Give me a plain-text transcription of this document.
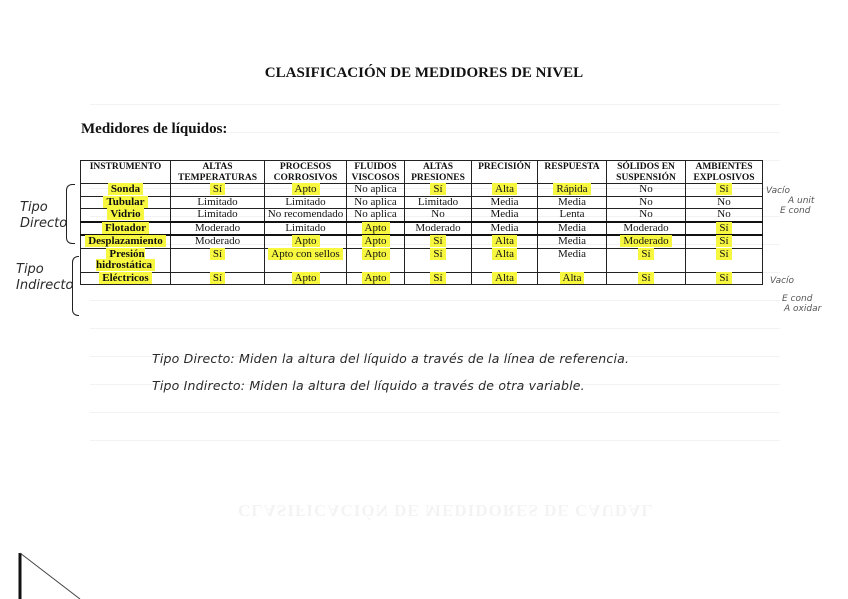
CLASIFICACIÓN DE MEDIDORES DE NIVEL
Medidores de líquidos:
INSTRUMENTO	ALTAS TEMPERATURAS	PROCESOS CORROSIVOS	FLUIDOS VISCOSOS	ALTAS PRESIONES	PRECISIÓN	RESPUESTA	SÓLIDOS EN SUSPENSIÓN	AMBIENTES EXPLOSIVOS
Sonda	Sí	Apto	No aplica	Sí	Alta	Rápida	No	Sí
Tubular	Limitado	Limitado	No aplica	Limitado	Media	Media	No	No
Vidrio	Limitado	No recomendado	No aplica	No	Media	Lenta	No	No
Flotador	Moderado	Limitado	Apto	Moderado	Media	Media	Moderado	Sí
Desplazamiento	Moderado	Apto	Apto	Sí	Alta	Media	Moderado	Sí
Presión hidrostática	Sí	Apto con sellos	Apto	Sí	Alta	Media	Sí	Sí
Eléctricos	Sí	Apto	Apto	Sí	Alta	Alta	Sí	Sí
Tipo Directo
Tipo Indirecto
Vacío
A unit
E cond
Vacío
E cond
A oxidar
Tipo Directo: Miden la altura del líquido a través de la línea de referencia.
Tipo Indirecto: Miden la altura del líquido a través de otra variable.
